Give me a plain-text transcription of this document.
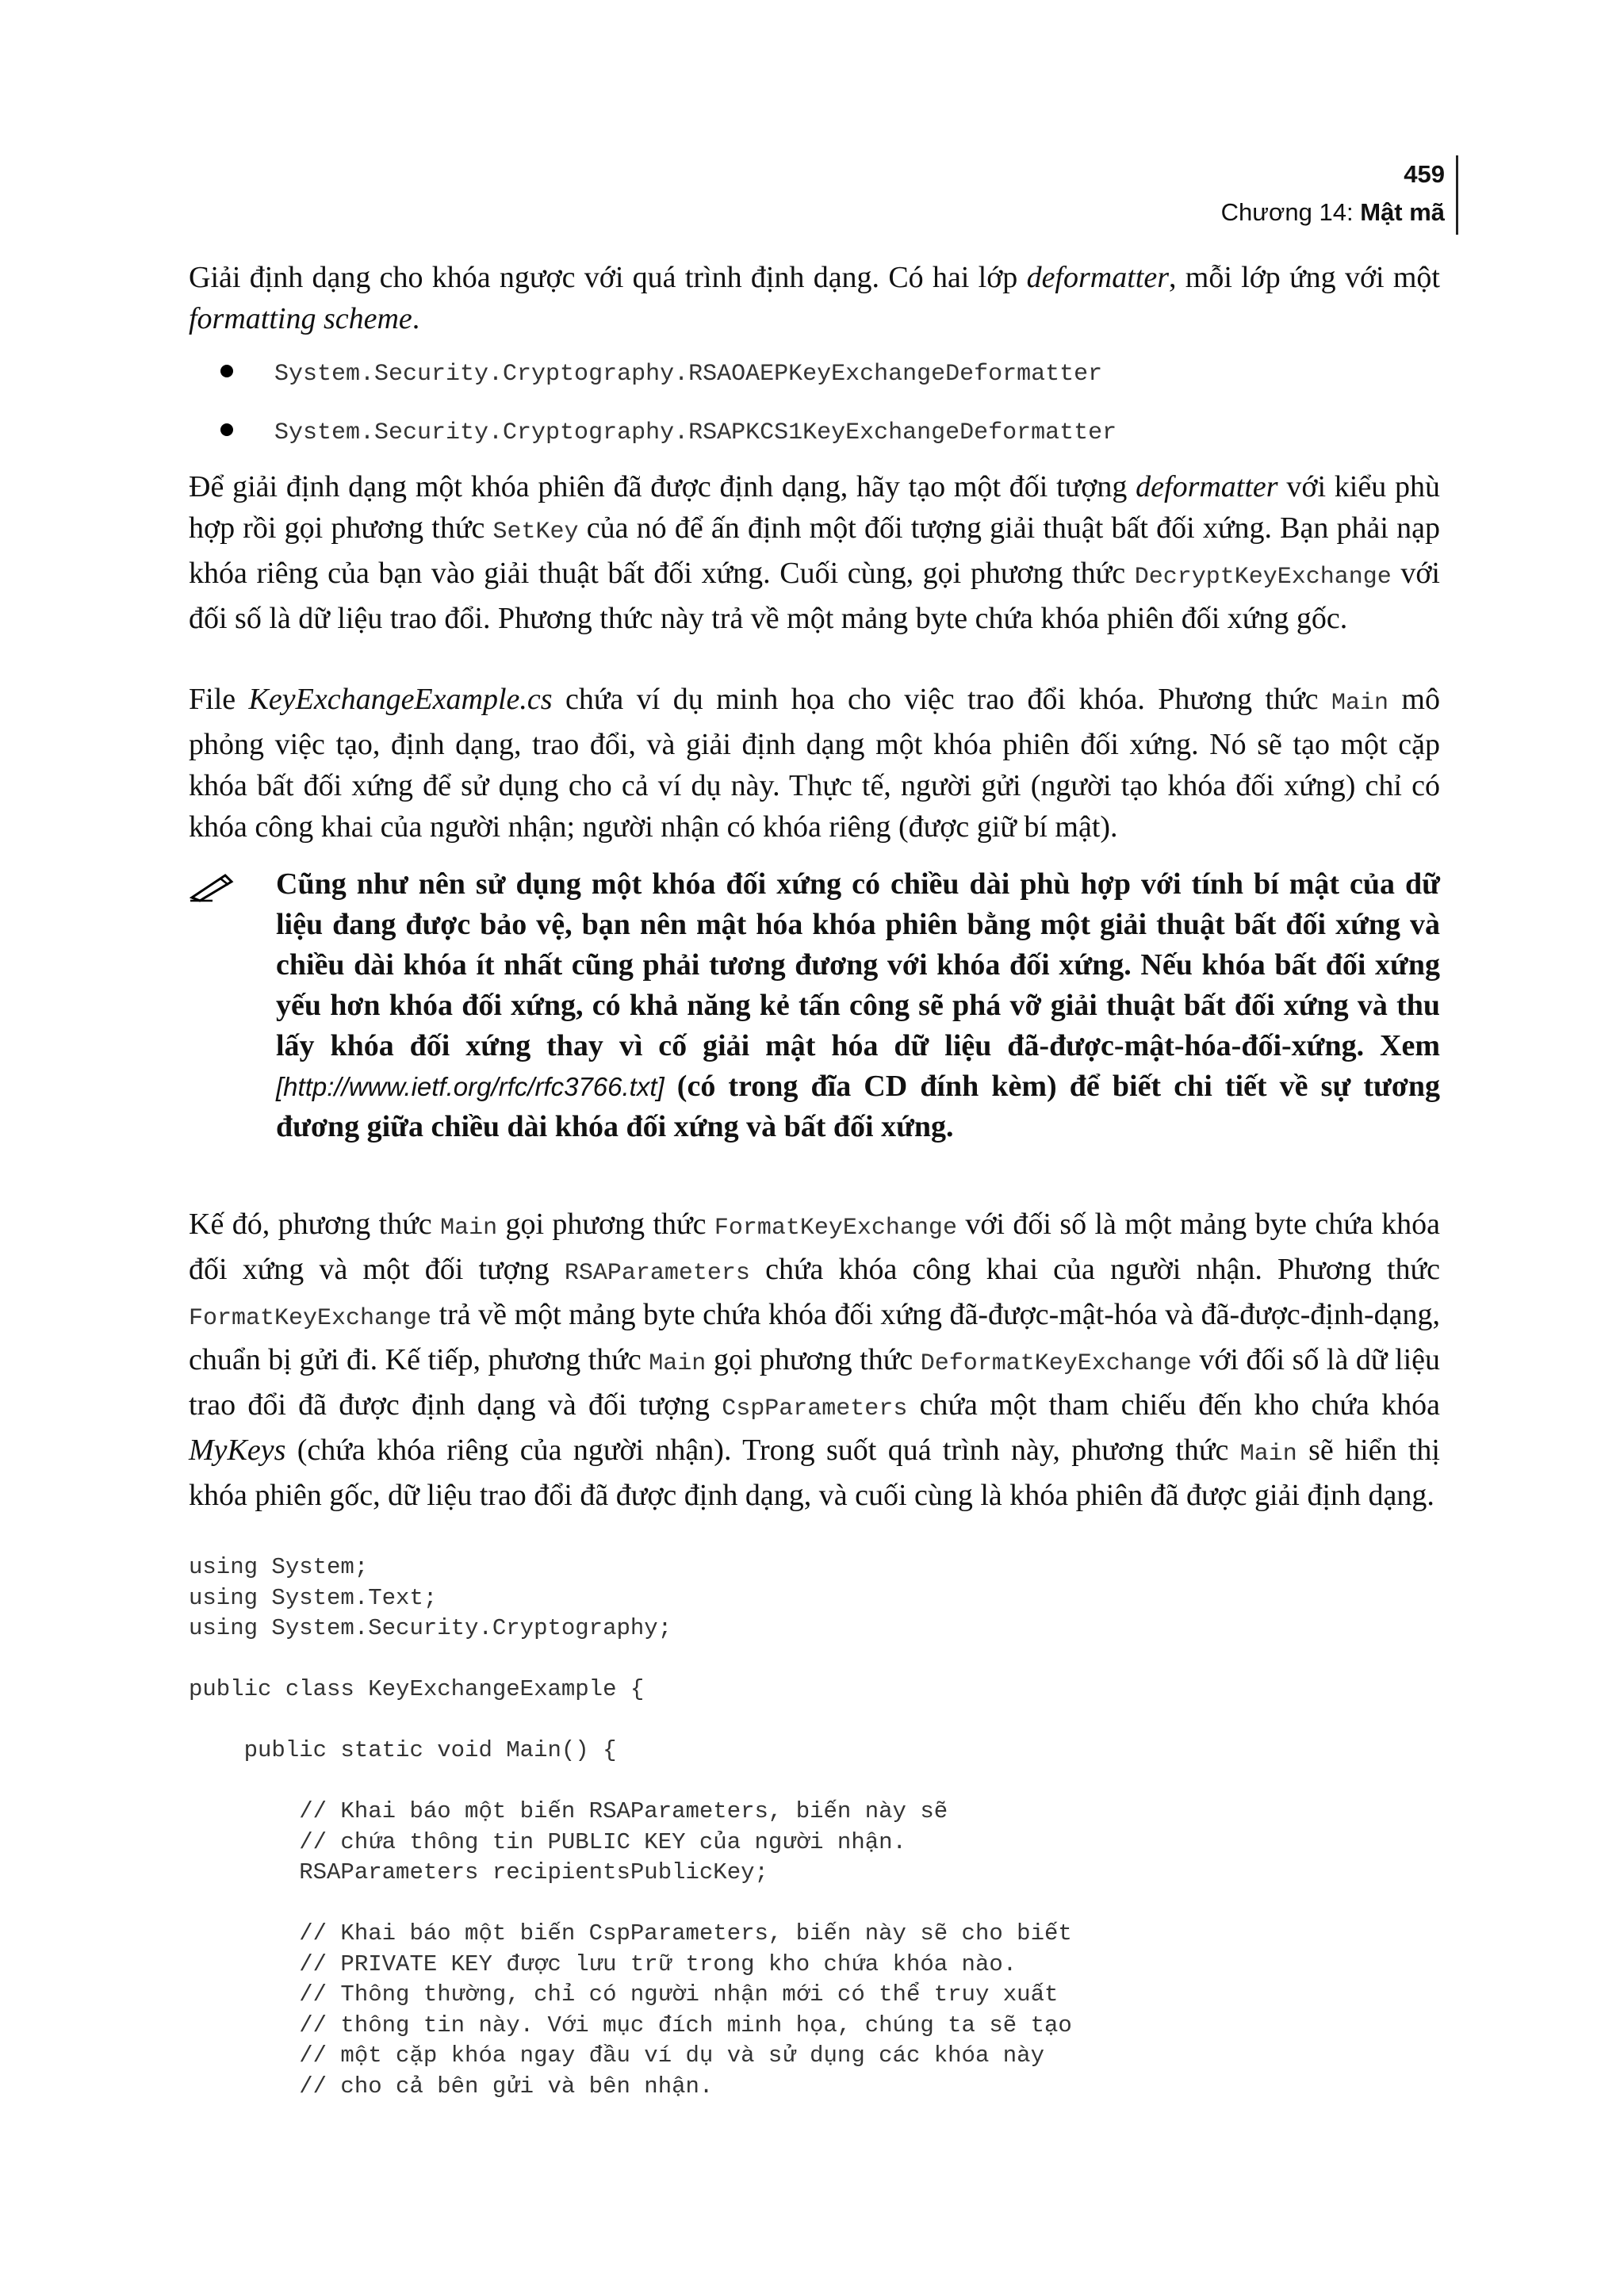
459
Chương 14: Mật mã

Giải định dạng cho khóa ngược với quá trình định dạng. Có hai lớp deformatter, mỗi lớp ứng với một formatting scheme.

System.Security.Cryptography.RSAOAEPKeyExchangeDeformatter
System.Security.Cryptography.RSAPKCS1KeyExchangeDeformatter

Để giải định dạng một khóa phiên đã được định dạng, hãy tạo một đối tượng deformatter với kiểu phù hợp rồi gọi phương thức SetKey của nó để ấn định một đối tượng giải thuật bất đối xứng. Bạn phải nạp khóa riêng của bạn vào giải thuật bất đối xứng. Cuối cùng, gọi phương thức DecryptKeyExchange với đối số là dữ liệu trao đổi. Phương thức này trả về một mảng byte chứa khóa phiên đối xứng gốc.

File KeyExchangeExample.cs chứa ví dụ minh họa cho việc trao đổi khóa. Phương thức Main mô phỏng việc tạo, định dạng, trao đổi, và giải định dạng một khóa phiên đối xứng. Nó sẽ tạo một cặp khóa bất đối xứng để sử dụng cho cả ví dụ này. Thực tế, người gửi (người tạo khóa đối xứng) chỉ có khóa công khai của người nhận; người nhận có khóa riêng (được giữ bí mật).

Cũng như nên sử dụng một khóa đối xứng có chiều dài phù hợp với tính bí mật của dữ liệu đang được bảo vệ, bạn nên mật hóa khóa phiên bằng một giải thuật bất đối xứng và chiều dài khóa ít nhất cũng phải tương đương với khóa đối xứng. Nếu khóa bất đối xứng yếu hơn khóa đối xứng, có khả năng kẻ tấn công sẽ phá vỡ giải thuật bất đối xứng và thu lấy khóa đối xứng thay vì cố giải mật hóa dữ liệu đã-được-mật-hóa-đối-xứng. Xem [http://www.ietf.org/rfc/rfc3766.txt] (có trong đĩa CD đính kèm) để biết chi tiết về sự tương đương giữa chiều dài khóa đối xứng và bất đối xứng.

Kế đó, phương thức Main gọi phương thức FormatKeyExchange với đối số là một mảng byte chứa khóa đối xứng và một đối tượng RSAParameters chứa khóa công khai của người nhận. Phương thức FormatKeyExchange trả về một mảng byte chứa khóa đối xứng đã-được-mật-hóa và đã-được-định-dạng, chuẩn bị gửi đi. Kế tiếp, phương thức Main gọi phương thức DeformatKeyExchange với đối số là dữ liệu trao đổi đã được định dạng và đối tượng CspParameters chứa một tham chiếu đến kho chứa khóa MyKeys (chứa khóa riêng của người nhận). Trong suốt quá trình này, phương thức Main sẽ hiển thị khóa phiên gốc, dữ liệu trao đổi đã được định dạng, và cuối cùng là khóa phiên đã được giải định dạng.

using System;
using System.Text;
using System.Security.Cryptography;

public class KeyExchangeExample {

public static void Main() {

// Khai báo một biến RSAParameters, biến này sẽ
// chứa thông tin PUBLIC KEY của người nhận.
RSAParameters recipientsPublicKey;

// Khai báo một biến CspParameters, biến này sẽ cho biết
// PRIVATE KEY được lưu trữ trong kho chứa khóa nào.
// Thông thường, chỉ có người nhận mới có thể truy xuất
// thông tin này. Với mục đích minh họa, chúng ta sẽ tạo
// một cặp khóa ngay đầu ví dụ và sử dụng các khóa này
// cho cả bên gửi và bên nhận.
